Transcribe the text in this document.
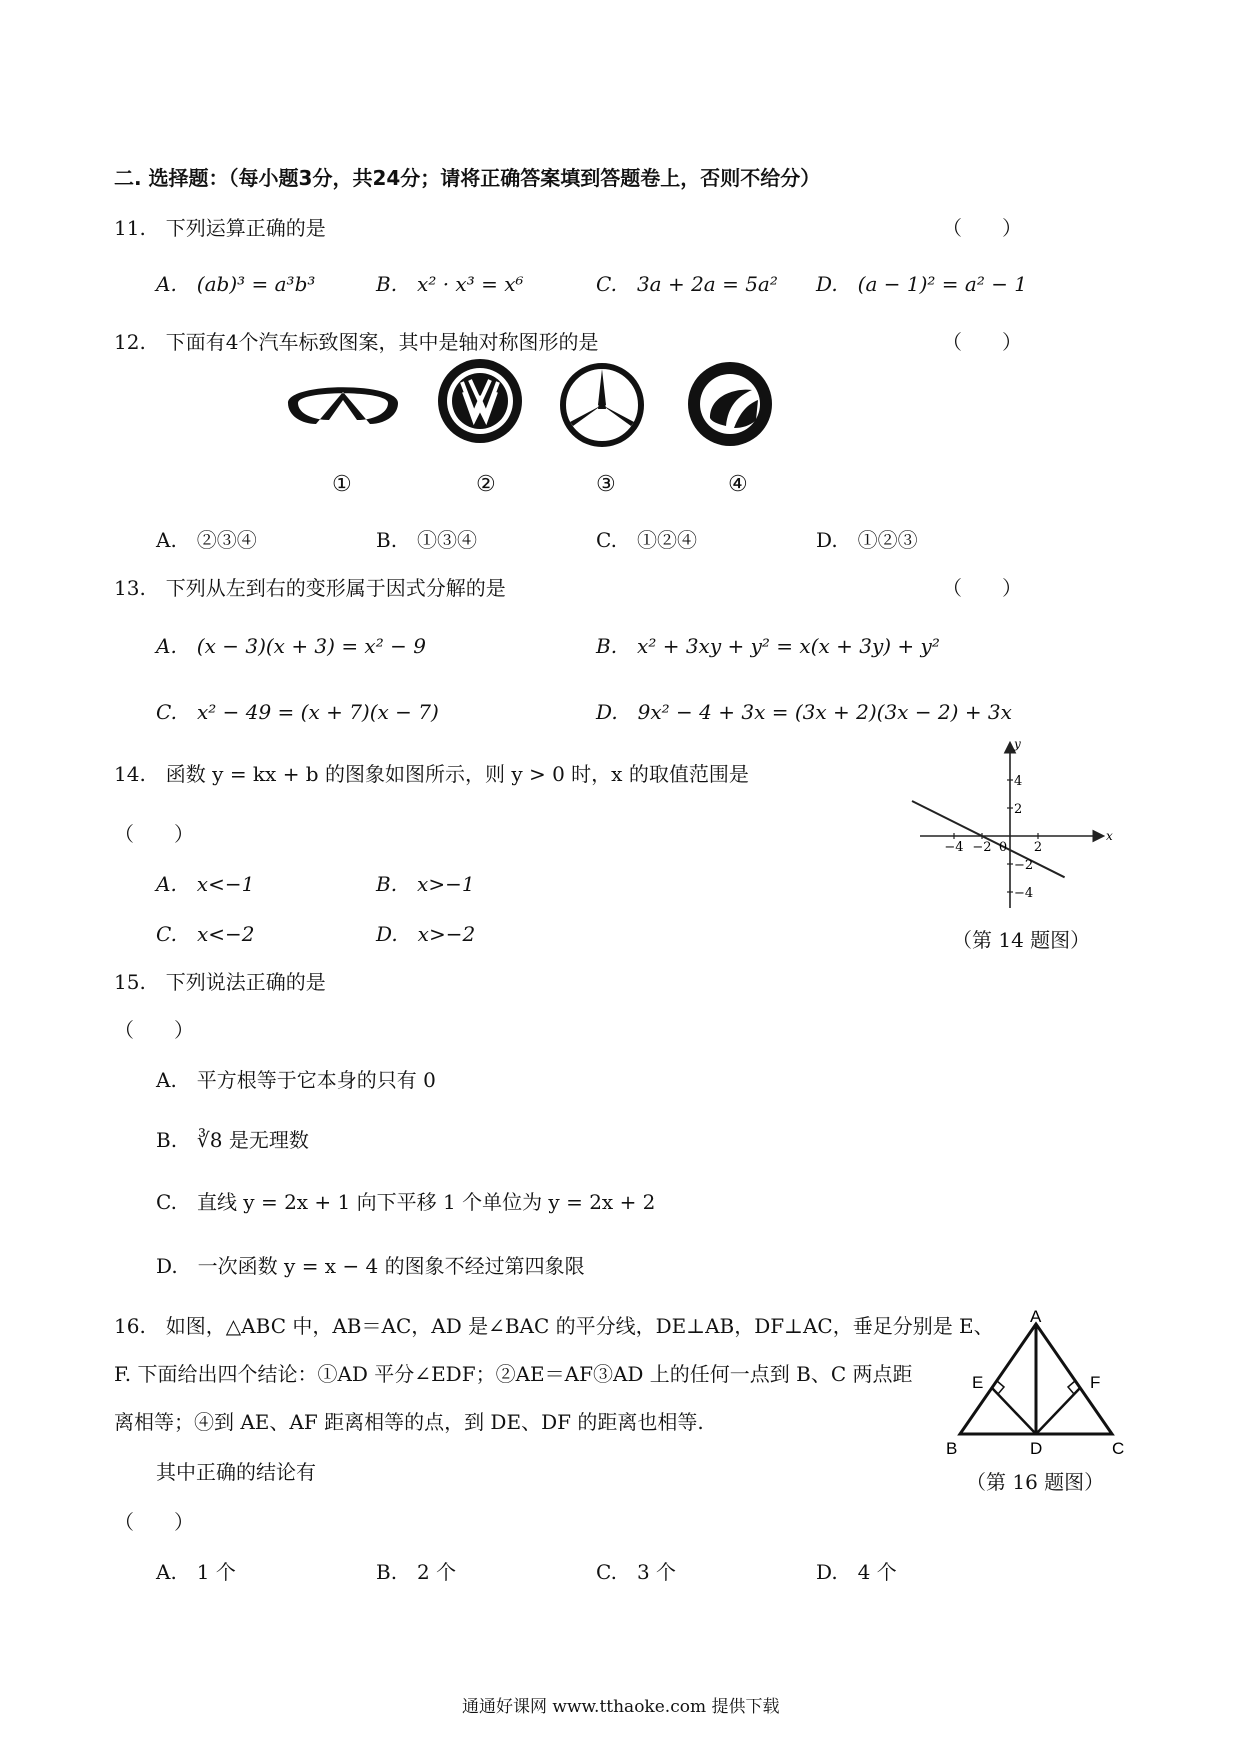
二. 选择题：（每小题3分，共24分；请将正确答案填到答题卷上，否则不给分）
11.　下列运算正确的是	（　　）
A.　(ab)³ = a³b³	B.　x² · x³ = x⁶	C.　3a + 2a = 5a² D.　(a − 1)² = a² − 1
12.　下面有4个汽车标致图案，其中是轴对称图形的是	（　　）
①	②	③	④
A.　②③④	B.　①③④	C.　①②④	D.　①②③
13.　下列从左到右的变形属于因式分解的是	（　　）
A.　(x − 3)(x + 3) = x² − 9	B.　x² + 3xy + y² = x(x + 3y) + y²
C.　x² − 49 = (x + 7)(x − 7)	D.　9x² − 4 + 3x = (3x + 2)(3x − 2) + 3x
14.　函数 y = kx + b 的图象如图所示，则 y > 0 时，x 的取值范围是
（　　）
A.　x<−1	B.　x>−1
C.　x<−2	D.　x>−2
x
y
−4 −2 0 2
4
2
−2
−4
（第 14 题图）
15.　下列说法正确的是
（　　）
A.　平方根等于它本身的只有 0
B.　∛8 是无理数
C.　直线 y = 2x + 1 向下平移 1 个单位为 y = 2x + 2
D.　一次函数 y = x − 4 的图象不经过第四象限
16.　如图，△ABC 中，AB＝AC，AD 是∠BAC 的平分线，DE⊥AB，DF⊥AC，垂足分别是 E、
F. 下面给出四个结论：①AD 平分∠EDF；②AE＝AF③AD 上的任何一点到 B、C 两点距
离相等；④到 AE、AF 距离相等的点，到 DE、DF 的距离也相等.
其中正确的结论有
（　　）
A.　1 个	B.　2 个	C.　3 个	D.　4 个
A
B	C
D
E	F
（第 16 题图）
通通好课网 www.tthaoke.com 提供下载
